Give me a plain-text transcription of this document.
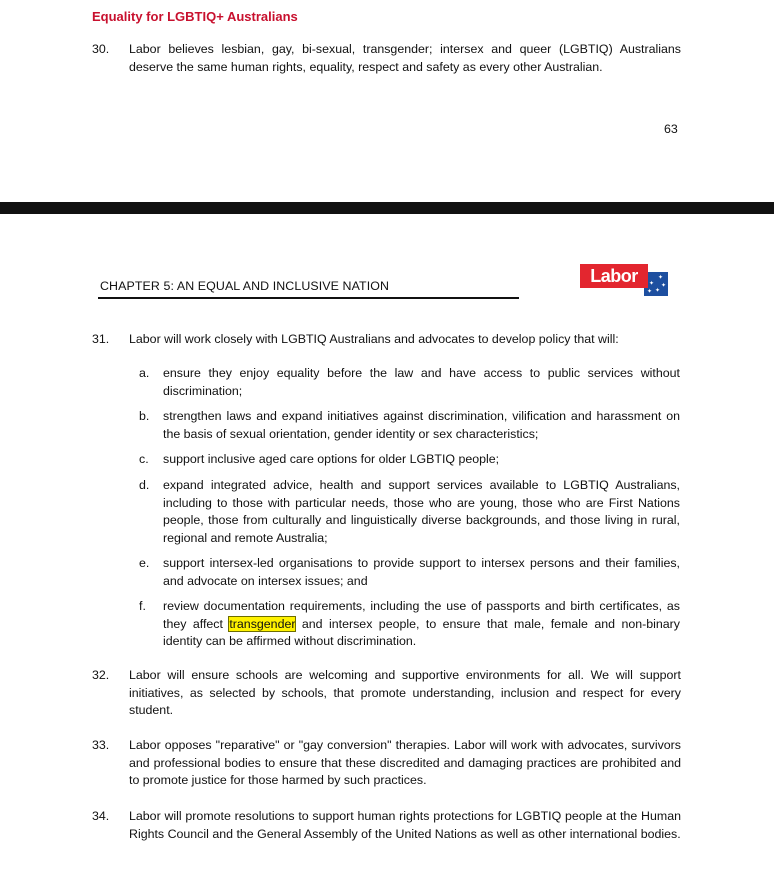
Equality for LGBTIQ+ Australians
30.	Labor believes lesbian, gay, bi-sexual, transgender; intersex and queer (LGBTIQ) Australians deserve the same human rights, equality, respect and safety as every other Australian.
63
CHAPTER 5: AN EQUAL AND INCLUSIVE NATION
✦
✦ ✦
✦
✦
Labor
31.	Labor will work closely with LGBTIQ Australians and advocates to develop policy that will:
a.	ensure they enjoy equality before the law and have access to public services without discrimination;
b.	strengthen laws and expand initiatives against discrimination, vilification and harassment on the basis of sexual orientation, gender identity or sex characteristics;
c.	support inclusive aged care options for older LGBTIQ people;
d.	expand integrated advice, health and support services available to LGBTIQ Australians, including to those with particular needs, those who are young, those who are First Nations people, those from culturally and linguistically diverse backgrounds, and those living in rural, regional and remote Australia;
e.	support intersex-led organisations to provide support to intersex persons and their families, and advocate on intersex issues; and
f.	review documentation requirements, including the use of passports and birth certificates, as they affect transgender and intersex people, to ensure that male, female and non-binary identity can be affirmed without discrimination.
32.	Labor will ensure schools are welcoming and supportive environments for all. We will support initiatives, as selected by schools, that promote understanding, inclusion and respect for every student.
33.	Labor opposes "reparative" or "gay conversion" therapies. Labor will work with advocates, survivors and professional bodies to ensure that these discredited and damaging practices are prohibited and to promote justice for those harmed by such practices.
34.	Labor will promote resolutions to support human rights protections for LGBTIQ people at the Human Rights Council and the General Assembly of the United Nations as well as other international bodies.
